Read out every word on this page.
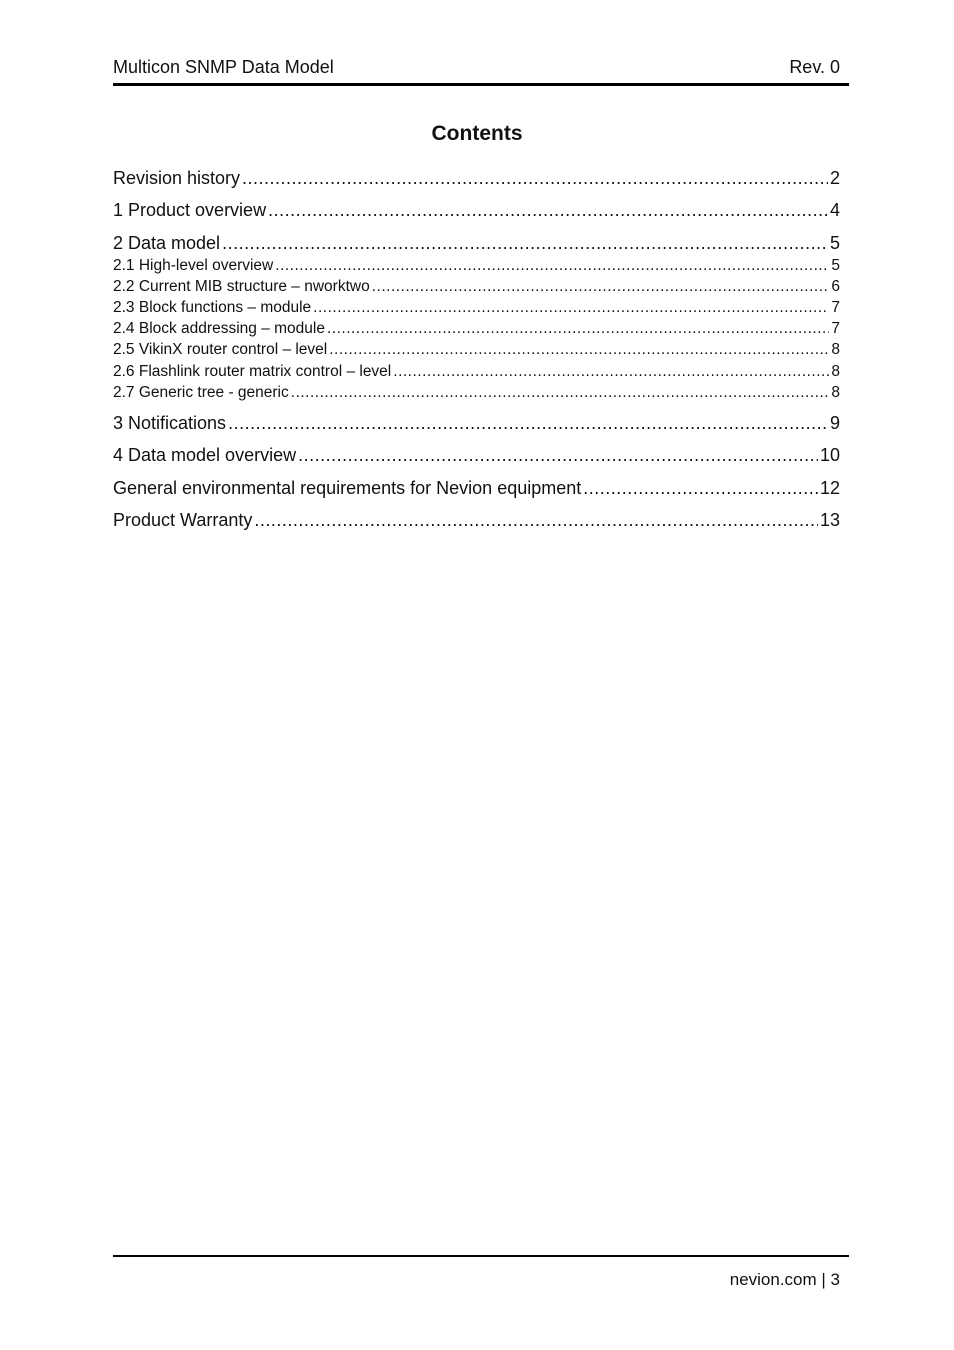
Multicon SNMP Data Model	Rev. 0
Contents
Revision history .....	2
1 Product overview .....	4
2 Data model .....	5
2.1 High-level overview .....	5
2.2 Current MIB structure – nworktwo .....	6
2.3 Block functions – module .....	7
2.4 Block addressing – module .....	7
2.5 VikinX router control – level .....	8
2.6 Flashlink router matrix control – level .....	8
2.7 Generic tree - generic .....	8
3 Notifications .....	9
4 Data model overview .....	10
General environmental requirements for Nevion equipment .....	12
Product Warranty .....	13
nevion.com | 3
